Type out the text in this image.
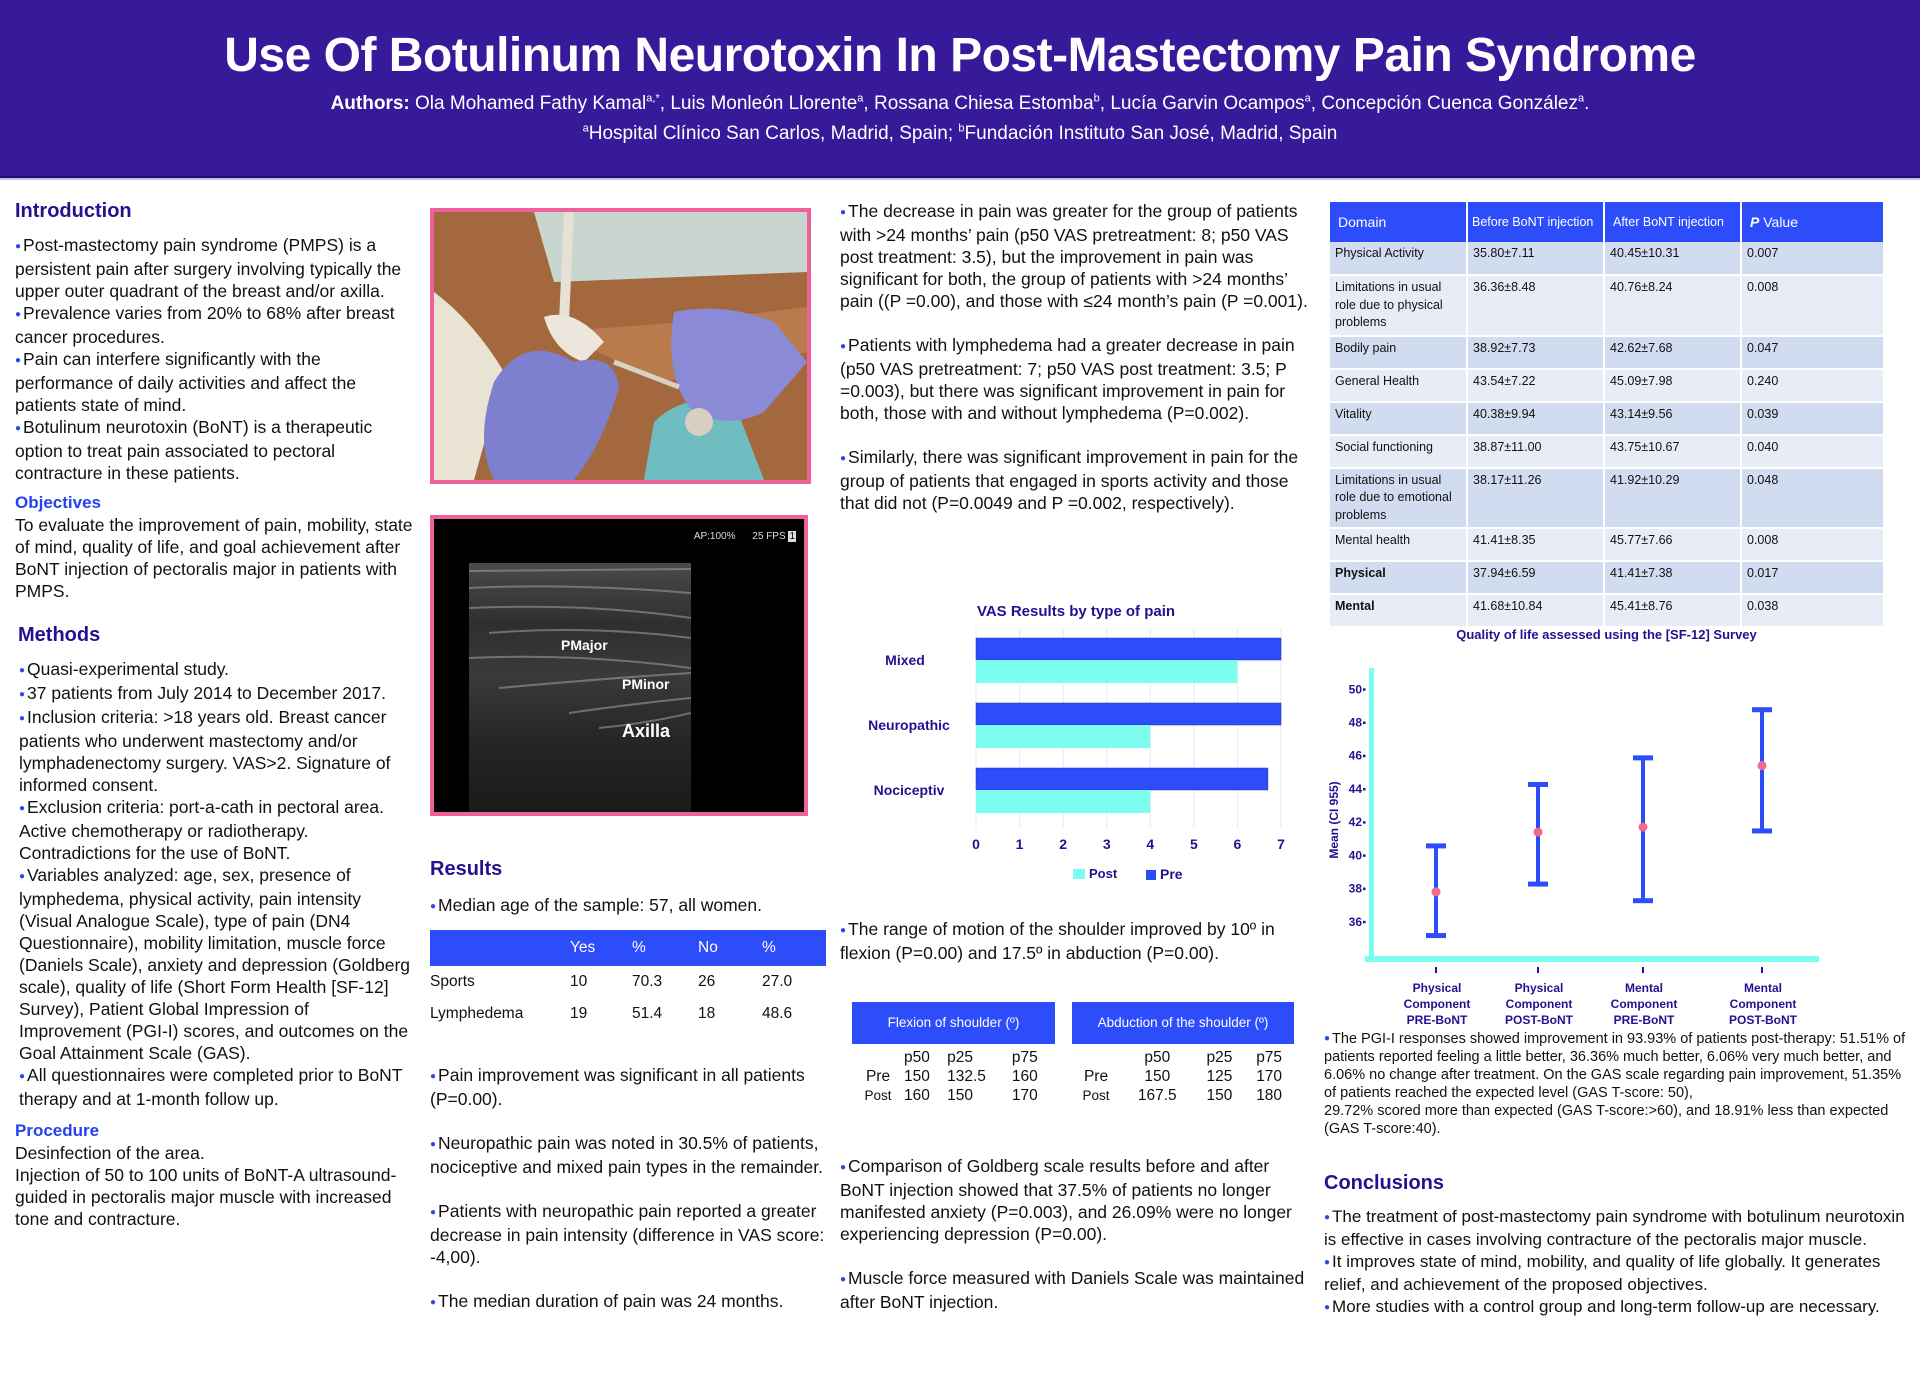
Use Of Botulinum Neurotoxin In Post-Mastectomy Pain Syndrome
Authors: Ola Mohamed Fathy Kamal$^{a,*}$, Luis Monleón Llorente$^a$, Rossana Chiesa Estomba$^b$, Lucía Garvin Ocampos$^a$, Concepción Cuenca González$^a$.
$^a$Hospital Clínico San Carlos, Madrid, Spain; $^b$Fundación Instituto San José, Madrid, Spain
Introduction

● Post-mastectomy pain syndrome (PMPS) is a persistent pain after surgery involving typically the upper outer quadrant of the breast and/or axilla.

● Prevalence varies from 20% to 68% after breast cancer procedures.

● Pain can interfere significantly with the performance of daily activities and affect the patients state of mind.

● Botulinum neurotoxin (BoNT) is a therapeutic option to treat pain associated to pectoral contracture in these patients.

Objectives

To evaluate the improvement of pain, mobility, state of mind, quality of life, and goal achievement after BoNT injection of pectoralis major in patients with PMPS.

Methods

● Quasi-experimental study.

● 37 patients from July 2014 to December 2017.

● Inclusion criteria: >18 years old. Breast cancer patients who underwent mastectomy and/or lymphadenectomy surgery. VAS>2. Signature of informed consent.

● Exclusion criteria: port-a-cath in pectoral area. Active chemotherapy or radiotherapy. Contradictions for the use of BoNT.

● Variables analyzed: age, sex, presence of lymphedema, physical activity, pain intensity (Visual Analogue Scale), type of pain (DN4 Questionnaire), mobility limitation, muscle force (Daniels Scale), anxiety and depression (Goldberg scale), quality of life (Short Form Health [SF-12] Survey), Patient Global Impression of Improvement (PGI-I) scores, and outcomes on the Goal Attainment Scale (GAS).

● All questionnaires were completed prior to BoNT therapy and at 1-month follow up.

Procedure

Desinfection of the area.

Injection of 50 to 100 units of BoNT-A ultrasound-guided in pectoralis major muscle with increased tone and contracture.

AP:100% 25 FPS 1
PMajor
PMinor
Axilla
Results

● Median age of the sample: 57, all women.

	Yes	%	No	%
Sports	10	70.3	26	27.0
Lymphedema	19	51.4	18	48.6

● Pain improvement was significant in all patients (P=0.00).

● Neuropathic pain was noted in 30.5% of patients, nociceptive and mixed pain types in the remainder.

● Patients with neuropathic pain reported a greater decrease in pain intensity (difference in VAS score: -4,00).

● The median duration of pain was 24 months.

● The decrease in pain was greater for the group of patients with >24 months’ pain (p50 VAS pretreatment: 8; p50 VAS post treatment: 3.5), but the improvement in pain was significant for both, the group of patients with >24 months’ pain ((P =0.00), and those with ≤24 month’s pain (P =0.001).

● Patients with lymphedema had a greater decrease in pain (p50 VAS pretreatment: 7; p50 VAS post treatment: 3.5; P =0.003), but there was significant improvement in pain for both, those with and without lymphedema (P=0.002).

● Similarly, there was significant improvement in pain for the group of patients that engaged in sports activity and those that did not (P=0.0049 and P =0.002, respectively).

VAS Results by type of pain
Mixed
Neuropathic
Nociceptiv
0	1	2	3	4	5	6	7
Post	Pre

● The range of motion of the shoulder improved by 10º in flexion (P=0.00) and 17.5º in abduction (P=0.00).

Flexion of shoulder (º)
	p50	p25	p75
Pre	150	132.5	160
Post	160	150	170
Abduction of the shoulder (º)
	p50	p25	p75
Pre	150	125	170
Post	167.5	150	180

● Comparison of Goldberg scale results before and after BoNT injection showed that 37.5% of patients no longer manifested anxiety (P=0.003), and 26.09% were no longer experiencing depression (P=0.00).

● Muscle force measured with Daniels Scale was maintained after BoNT injection.

Domain	Before BoNT injection	After BoNT injection	P Value
Physical Activity	35.80±7.11	40.45±10.31	0.007
Limitations in usual role due to physical problems	36.36±8.48	40.76±8.24	0.008
Bodily pain	38.92±7.73	42.62±7.68	0.047
General Health	43.54±7.22	45.09±7.98	0.240
Vitality	40.38±9.94	43.14±9.56	0.039
Social functioning	38.87±11.00	43.75±10.67	0.040
Limitations in usual role due to emotional problems	38.17±11.26	41.92±10.29	0.048
Mental health	41.41±8.35	45.77±7.66	0.008
Physical	37.94±6.59	41.41±7.38	0.017
Mental	41.68±10.84	45.41±8.76	0.038
Quality of life assessed using the [SF-12] Survey
Mean (CI 955)
36
38
40
42
44
46
48
50
Physical
Component
PRE-BoNT
Physical
Component
POST-BoNT
Mental
Component
PRE-BoNT
Mental
Component
POST-BoNT

● The PGI-I responses showed improvement in 93.93% of patients post-therapy: 51.51% of patients reported feeling a little better, 36.36% much better, 6.06% very much better, and 6.06% no change after treatment. On the GAS scale regarding pain improvement, 51.35% of patients reached the expected level (GAS T-score: 50),

29.72% scored more than expected (GAS T-score:>60), and 18.91% less than expected (GAS T-score:40).

Conclusions

● The treatment of post-mastectomy pain syndrome with botulinum neurotoxin is effective in cases involving contracture of the pectoralis major muscle.

● It improves state of mind, mobility, and quality of life globally. It generates relief, and achievement of the proposed objectives.

● More studies with a control group and long-term follow-up are necessary.
